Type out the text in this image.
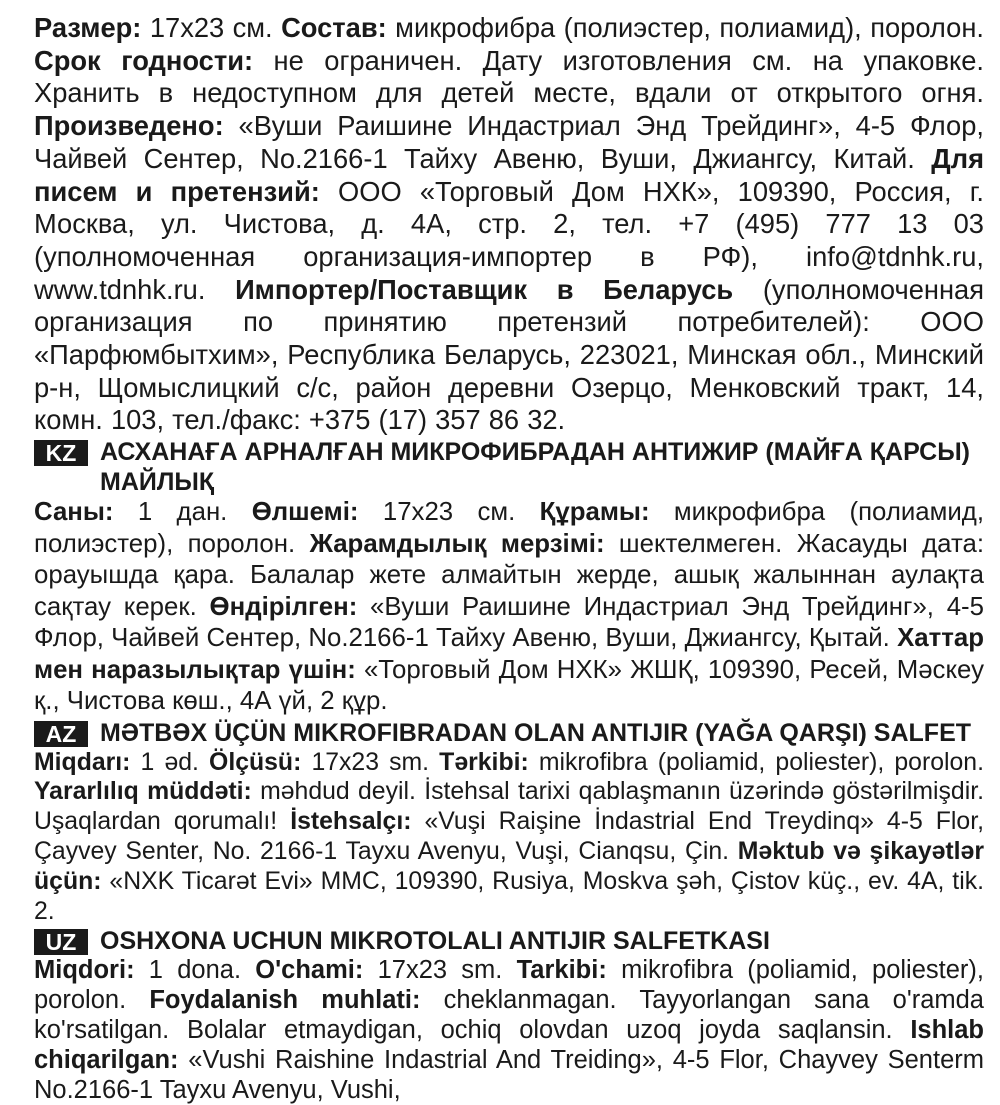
Размер: 17x23 см. Состав: микрофибра (полиэстер, полиамид), поролон. Срок годности: не ограничен. Дату изготовления см. на упаковке. Хранить в недоступном для детей месте, вдали от открытого огня. Произведено: «Вуши Раишине Индастриал Энд Трейдинг», 4-5 Флор, Чайвей Сентер, No.2166-1 Тайху Авеню, Вуши, Джиангсу, Китай. Для писем и претензий: ООО «Торговый Дом НХК», 109390, Россия, г. Москва, ул. Чистова, д. 4А, стр. 2, тел. +7 (495) 777 13 03 (уполномоченная организация-импортер в РФ), info@tdnhk.ru, www.tdnhk.ru. Импортер/Поставщик в Беларусь (уполномоченная организация по принятию претензий потребителей): ООО «Парфюмбытхим», Республика Беларусь, 223021, Минская обл., Минский р-н, Щомыслицкий с/с, район деревни Озерцо, Менковский тракт, 14, комн. 103, тел./факс: +375 (17) 357 86 32.

KZ АСХАНАҒА АРНАЛҒАН МИКРОФИБРАДАН АНТИЖИР (МАЙҒА ҚАРСЫ) МАЙЛЫҚ

Саны: 1 дан. Өлшемі: 17x23 см. Құрамы: микрофибра (полиамид, полиэстер), поролон. Жарамдылық мерзімі: шектелмеген. Жасауды дата: орауышда қара. Балалар жете алмайтын жерде, ашық жалыннан аулақта сақтау керек. Өндірілген: «Вуши Раишине Индастриал Энд Трейдинг», 4-5 Флор, Чайвей Сентер, No.2166-1 Тайху Авеню, Вуши, Джиангсу, Қытай. Хаттар мен наразылықтар үшін: «Торговый Дом НХК» ЖШҚ, 109390, Ресей, Мәскеу қ., Чистова көш., 4А үй, 2 құр.

AZ MƏTBƏX ÜÇÜN MIKROFIBRADAN OLAN ANTIJIR (YAĞA QARŞI) SALFET

Miqdarı: 1 əd. Ölçüsü: 17x23 sm. Tərkibi: mikrofibra (poliamid, poliester), porolon. Yararlılıq müddəti: məhdud deyil. İstehsal tarixi qablaşmanın üzərində göstərilmişdir. Uşaqlardan qorumalı! İstehsalçı: «Vuşi Raişine İndastrial End Treydinq» 4-5 Flor, Çayvey Senter, No. 2166-1 Tayxu Avenyu, Vuşi, Cianqsu, Çin. Məktub və şikayətlər üçün: «NXK Ticarət Evi» MMC, 109390, Rusiya, Moskva şəh, Çistov küç., ev. 4A, tik. 2.

UZ OSHXONA UCHUN MIKROTOLALI ANTIJIR SALFETKASI

Miqdori: 1 dona. O'chami: 17x23 sm. Tarkibi: mikrofibra (poliamid, poliester), porolon. Foydalanish muhlati: cheklanmagan. Tayyorlangan sana o'ramda ko'rsatilgan. Bolalar etmaydigan, ochiq olovdan uzoq joyda saqlansin. Ishlab chiqarilgan: «Vushi Raishine Indastrial And Treiding», 4-5 Flor, Chayvey Senterm No.2166-1 Tayxu Avenyu, Vushi,
